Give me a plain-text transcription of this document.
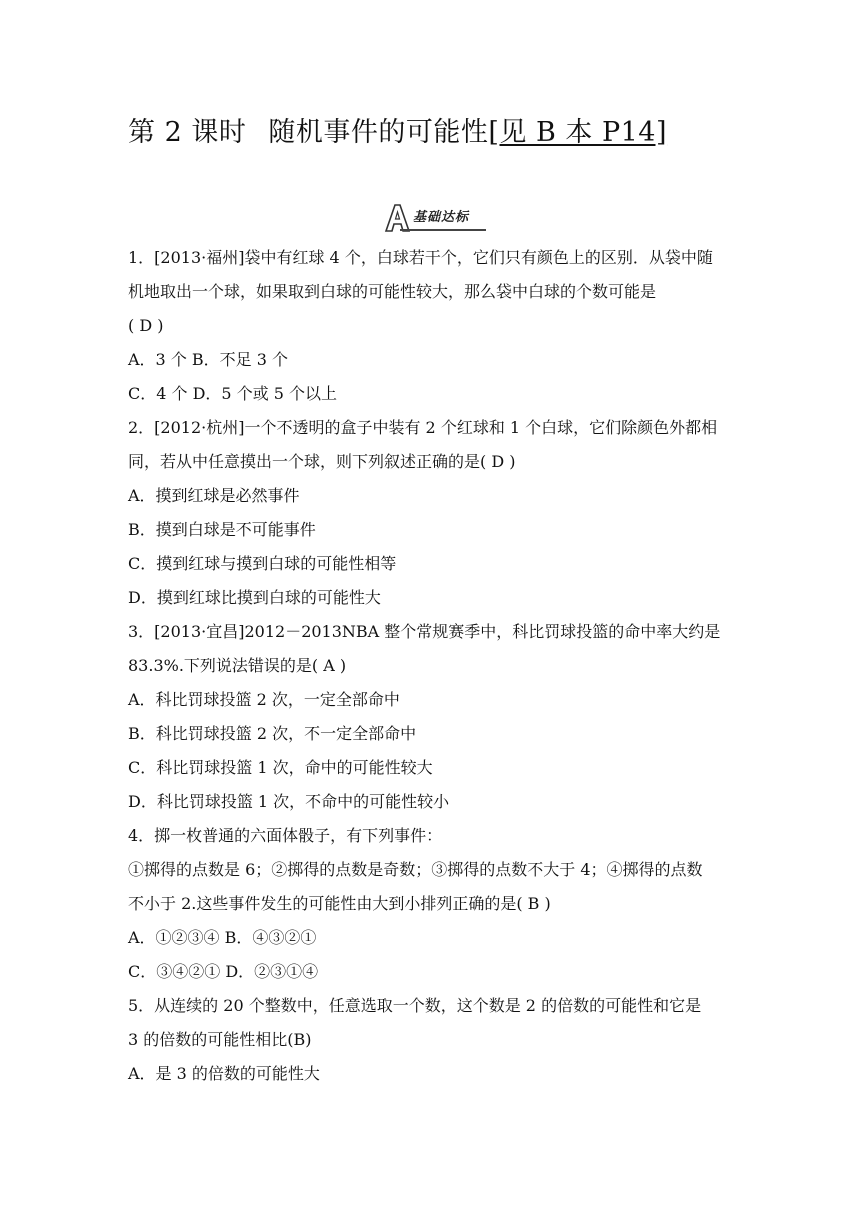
第 2 课时 随机事件的可能性[见 B 本 P14]
基础达标
1．[2013·福州]袋中有红球 4 个，白球若干个，它们只有颜色上的区别．从袋中随
机地取出一个球，如果取到白球的可能性较大，那么袋中白球的个数可能是
( D )
A．3 个 B．不足 3 个
C．4 个 D．5 个或 5 个以上
2．[2012·杭州]一个不透明的盒子中装有 2 个红球和 1 个白球，它们除颜色外都相
同，若从中任意摸出一个球，则下列叙述正确的是( D )
A．摸到红球是必然事件
B．摸到白球是不可能事件
C．摸到红球与摸到白球的可能性相等
D．摸到红球比摸到白球的可能性大
3．[2013·宜昌]2012－2013NBA 整个常规赛季中，科比罚球投篮的命中率大约是
83.3%.下列说法错误的是( A )
A．科比罚球投篮 2 次，一定全部命中
B．科比罚球投篮 2 次，不一定全部命中
C．科比罚球投篮 1 次，命中的可能性较大
D．科比罚球投篮 1 次，不命中的可能性较小
4．掷一枚普通的六面体骰子，有下列事件：
①掷得的点数是 6；②掷得的点数是奇数；③掷得的点数不大于 4；④掷得的点数
不小于 2.这些事件发生的可能性由大到小排列正确的是( B )
A．①②③④ B．④③②①
C．③④②① D．②③①④
5．从连续的 20 个整数中，任意选取一个数，这个数是 2 的倍数的可能性和它是
3 的倍数的可能性相比(B)
A．是 3 的倍数的可能性大
